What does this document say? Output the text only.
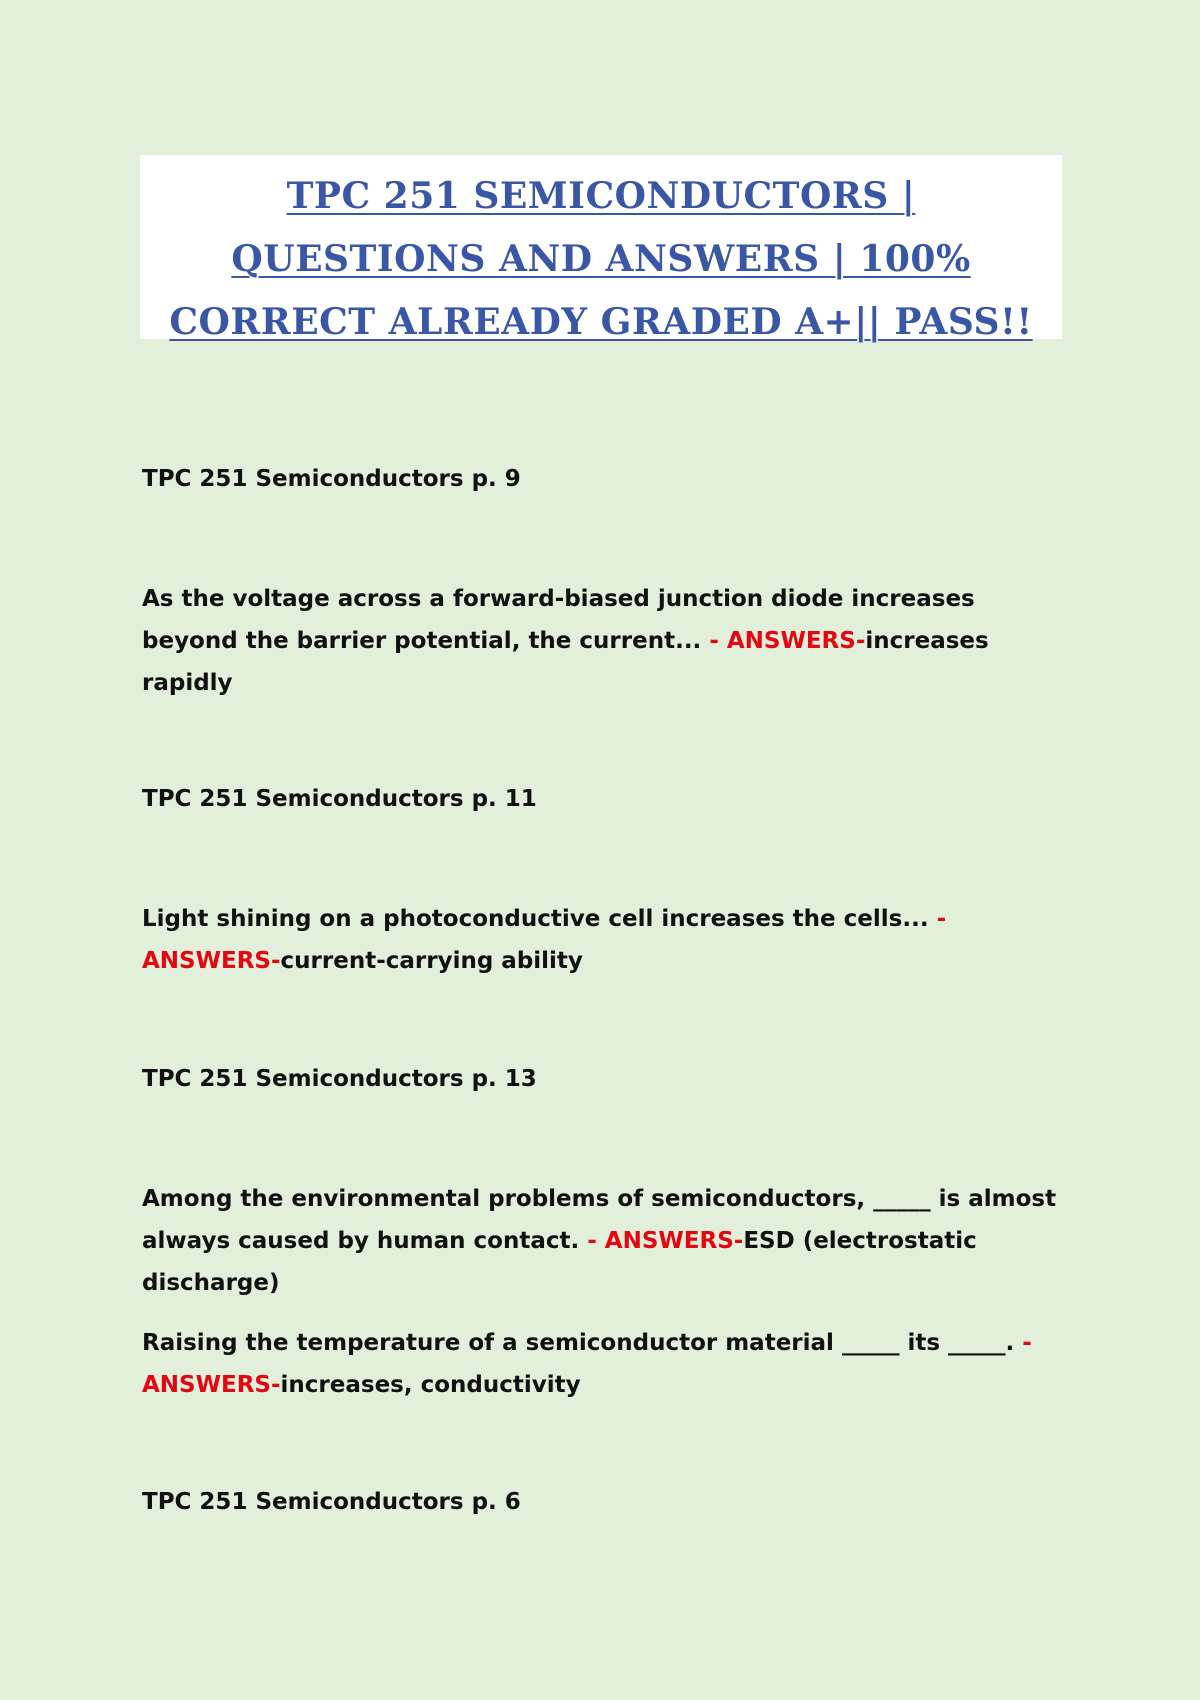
TPC 251 SEMICONDUCTORS | QUESTIONS AND ANSWERS | 100% CORRECT ALREADY GRADED A+|| PASS!!
TPC 251 Semiconductors p. 9
As the voltage across a forward-biased junction diode increases beyond the barrier potential, the current... - ANSWERS-increases rapidly
TPC 251 Semiconductors p. 11
Light shining on a photoconductive cell increases the cells... - ANSWERS-current-carrying ability
TPC 251 Semiconductors p. 13
Among the environmental problems of semiconductors, _____ is almost always caused by human contact. - ANSWERS-ESD (electrostatic discharge)
Raising the temperature of a semiconductor material _____ its _____. - ANSWERS-increases, conductivity
TPC 251 Semiconductors p. 6
